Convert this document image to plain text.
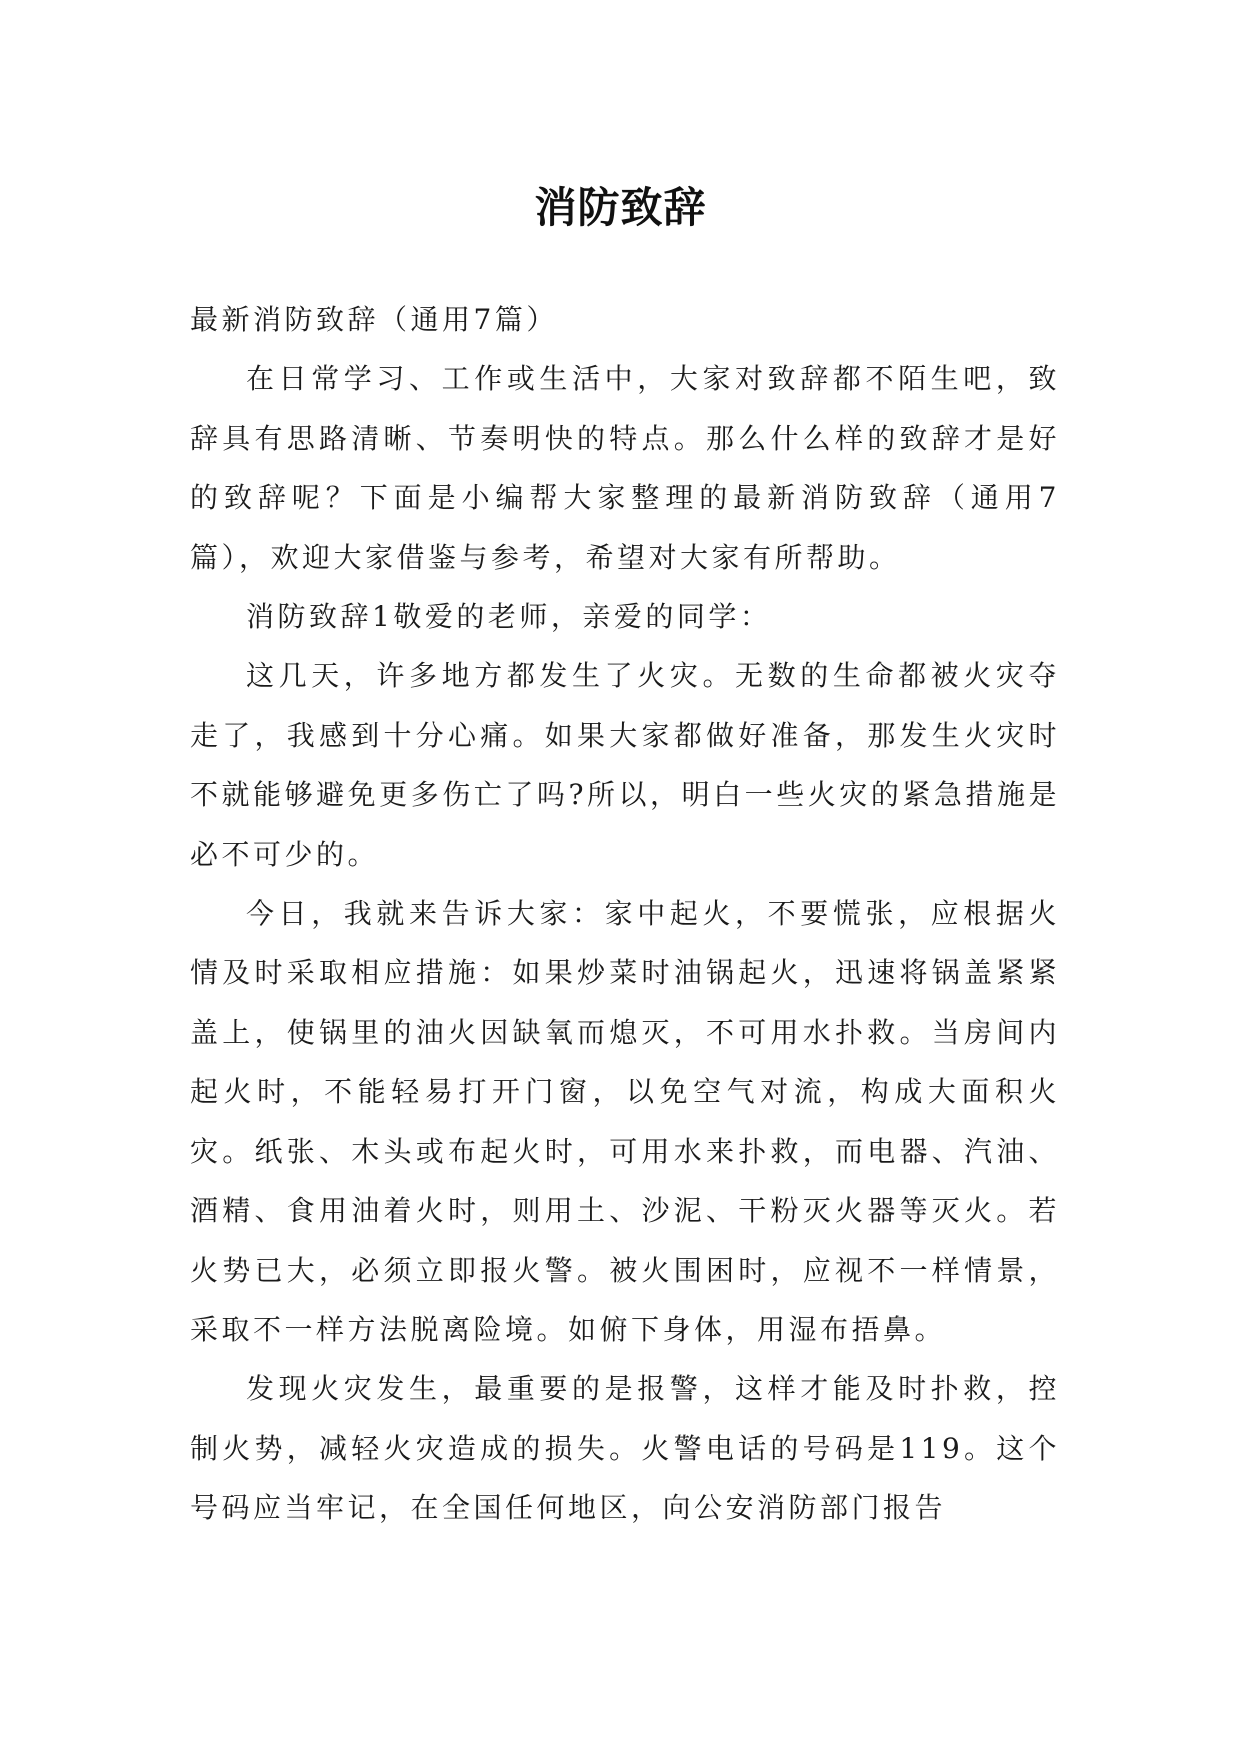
消防致辞

最新消防致辞（通用7篇）

在日常学习、工作或生活中，大家对致辞都不陌生吧，致辞具有思路清晰、节奏明快的特点。那么什么样的致辞才是好的致辞呢？下面是小编帮大家整理的最新消防致辞（通用7篇），欢迎大家借鉴与参考，希望对大家有所帮助。

消防致辞1敬爱的老师，亲爱的同学：

这几天，许多地方都发生了火灾。无数的生命都被火灾夺走了，我感到十分心痛。如果大家都做好准备，那发生火灾时不就能够避免更多伤亡了吗?所以，明白一些火灾的紧急措施是必不可少的。

今日，我就来告诉大家：家中起火，不要慌张，应根据火情及时采取相应措施：如果炒菜时油锅起火，迅速将锅盖紧紧盖上，使锅里的油火因缺氧而熄灭，不可用水扑救。当房间内起火时，不能轻易打开门窗，以免空气对流，构成大面积火灾。纸张、木头或布起火时，可用水来扑救，而电器、汽油、酒精、食用油着火时，则用土、沙泥、干粉灭火器等灭火。若火势已大，必须立即报火警。被火围困时，应视不一样情景，采取不一样方法脱离险境。如俯下身体，用湿布捂鼻。

发现火灾发生，最重要的是报警，这样才能及时扑救，控制火势，减轻火灾造成的损失。火警电话的号码是119。这个号码应当牢记，在全国任何地区，向公安消防部门报告
